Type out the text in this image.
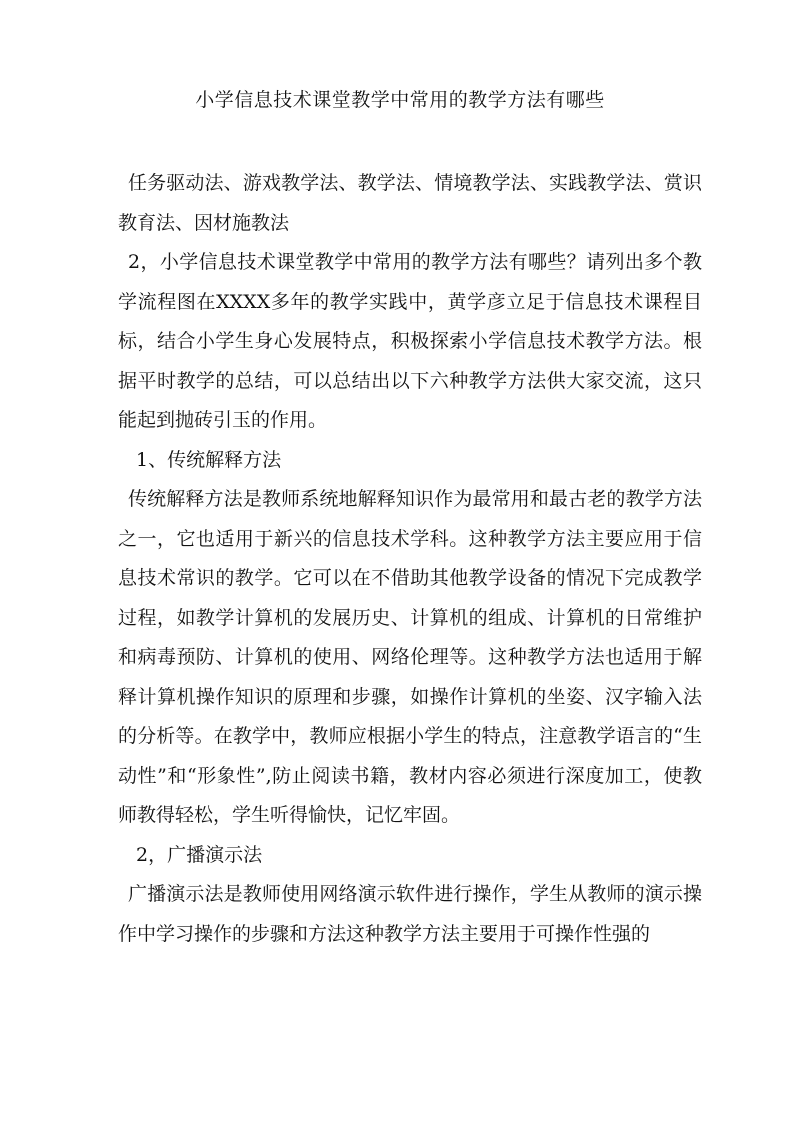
小学信息技术课堂教学中常用的教学方法有哪些

任务驱动法、游戏教学法、教学法、情境教学法、实践教学法、赏识教育法、因材施教法

2，小学信息技术课堂教学中常用的教学方法有哪些？请列出多个教学流程图在XXXX多年的教学实践中，黄学彦立足于信息技术课程目标，结合小学生身心发展特点，积极探索小学信息技术教学方法。根据平时教学的总结，可以总结出以下六种教学方法供大家交流，这只能起到抛砖引玉的作用。

1、传统解释方法

传统解释方法是教师系统地解释知识作为最常用和最古老的教学方法之一，它也适用于新兴的信息技术学科。这种教学方法主要应用于信息技术常识的教学。它可以在不借助其他教学设备的情况下完成教学过程，如教学计算机的发展历史、计算机的组成、计算机的日常维护和病毒预防、计算机的使用、网络伦理等。这种教学方法也适用于解释计算机操作知识的原理和步骤，如操作计算机的坐姿、汉字输入法的分析等。在教学中，教师应根据小学生的特点，注意教学语言的“生动性”和“形象性”,防止阅读书籍，教材内容必须进行深度加工，使教师教得轻松，学生听得愉快，记忆牢固。

2，广播演示法

广播演示法是教师使用网络演示软件进行操作，学生从教师的演示操作中学习操作的步骤和方法这种教学方法主要用于可操作性强的
